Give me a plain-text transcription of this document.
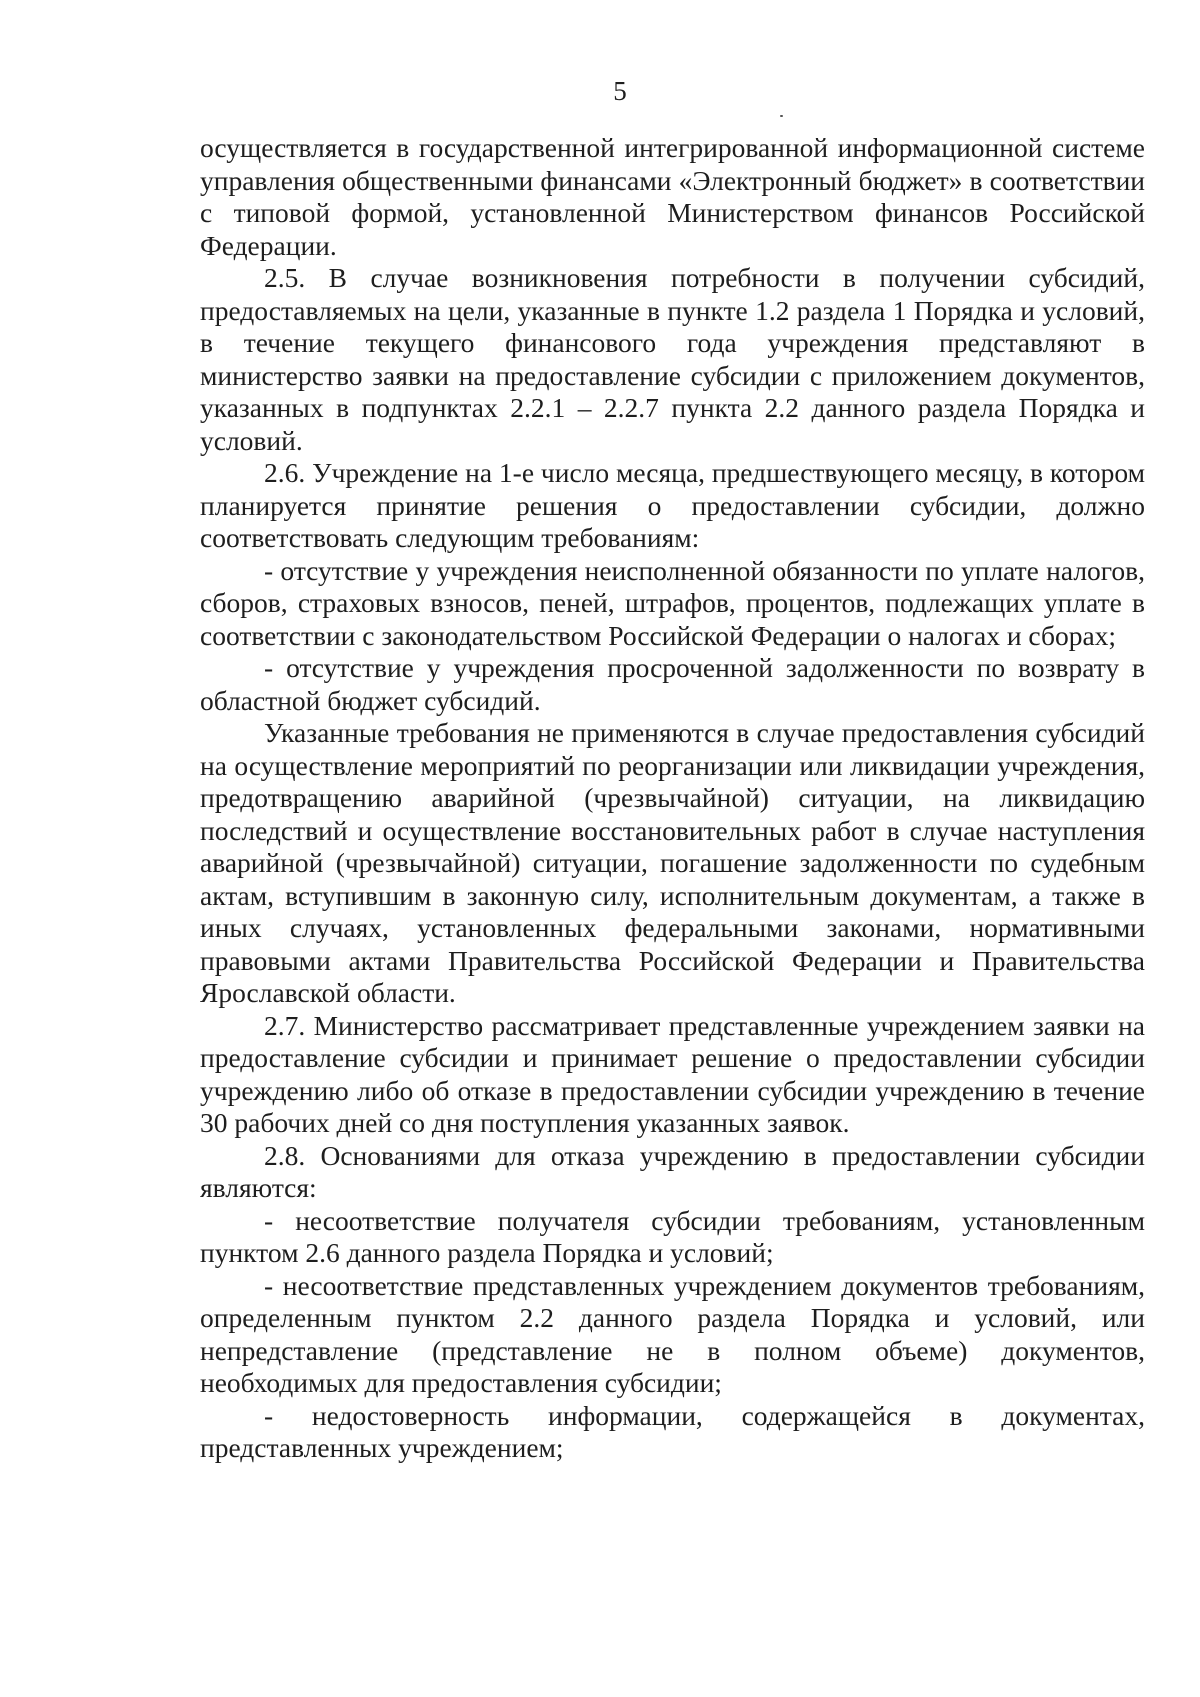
5

осуществляется в государственной интегрированной информационной системе управления общественными финансами «Электронный бюджет» в соответствии с типовой формой, установленной Министерством финансов Российской Федерации.

2.5. В случае возникновения потребности в получении субсидий, предоставляемых на цели, указанные в пункте 1.2 раздела 1 Порядка и условий, в течение текущего финансового года учреждения представляют в министерство заявки на предоставление субсидии с приложением документов, указанных в подпунктах 2.2.1 – 2.2.7 пункта 2.2 данного раздела Порядка и условий.

2.6. Учреждение на 1-е число месяца, предшествующего месяцу, в котором планируется принятие решения о предоставлении субсидии, должно соответствовать следующим требованиям:

- отсутствие у учреждения неисполненной обязанности по уплате налогов, сборов, страховых взносов, пеней, штрафов, процентов, подлежащих уплате в соответствии с законодательством Российской Федерации о налогах и сборах;

- отсутствие у учреждения просроченной задолженности по возврату в областной бюджет субсидий.

Указанные требования не применяются в случае предоставления субсидий на осуществление мероприятий по реорганизации или ликвидации учреждения, предотвращению аварийной (чрезвычайной) ситуации, на ликвидацию последствий и осуществление восстановительных работ в случае наступления аварийной (чрезвычайной) ситуации, погашение задолженности по судебным актам, вступившим в законную силу, исполнительным документам, а также в иных случаях, установленных федеральными законами, нормативными правовыми актами Правительства Российской Федерации и Правительства Ярославской области.

2.7. Министерство рассматривает представленные учреждением заявки на предоставление субсидии и принимает решение о предоставлении субсидии учреждению либо об отказе в предоставлении субсидии учреждению в течение 30 рабочих дней со дня поступления указанных заявок.

2.8. Основаниями для отказа учреждению в предоставлении субсидии являются:

- несоответствие получателя субсидии требованиям, установленным пунктом 2.6 данного раздела Порядка и условий;

- несоответствие представленных учреждением документов требованиям, определенным пунктом 2.2 данного раздела Порядка и условий, или непредставление (представление не в полном объеме) документов, необходимых для предоставления субсидии;

- недостоверность информации, содержащейся в документах, представленных учреждением;
